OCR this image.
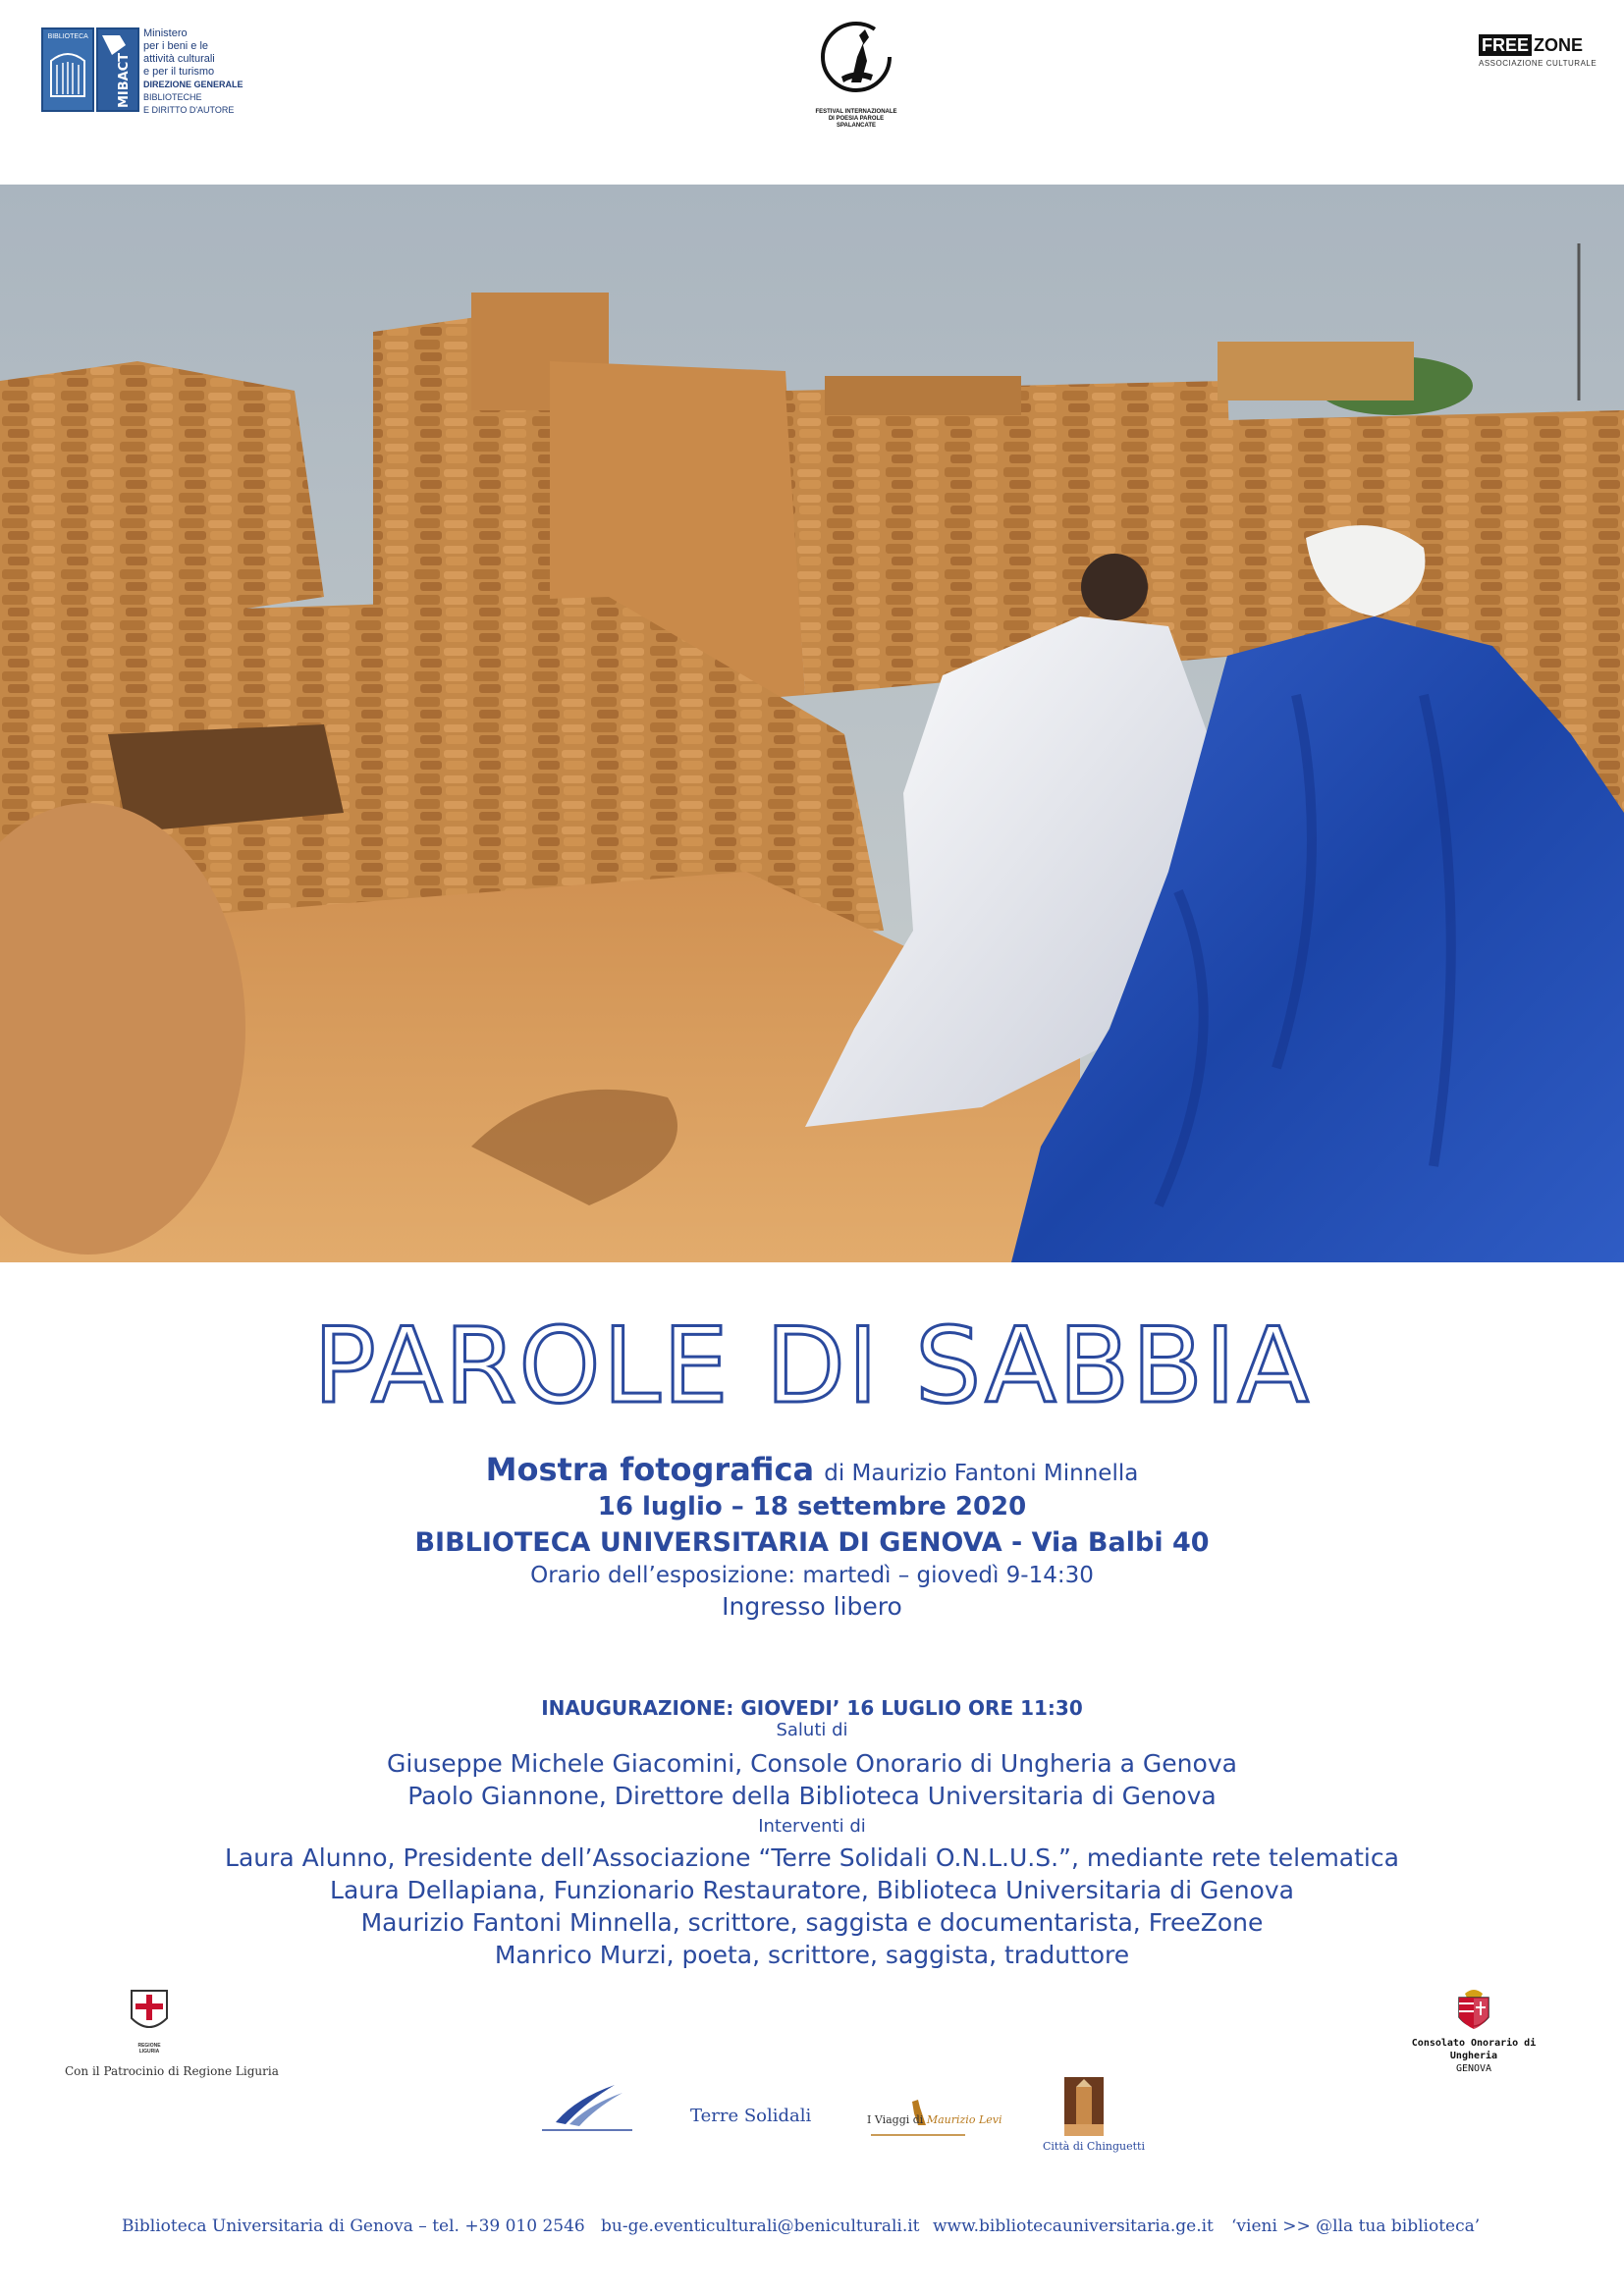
BIBLIOTECA
MIBACT
Ministero
per i beni e le
attività culturali
e per il turismo
DIREZIONE GENERALE
BIBLIOTECHE
E DIRITTO D'AUTORE	FESTIVAL INTERNAZIONALE DI POESIA PAROLE SPALANCATE
FREE ZONE
ASSOCIAZIONE CULTURALE
PAROLE DI SABBIA
Mostra fotografica di Maurizio Fantoni Minnella
16 luglio – 18 settembre 2020
BIBLIOTECA UNIVERSITARIA DI GENOVA - Via Balbi 40
Orario dell’esposizione: martedì – giovedì 9-14:30
Ingresso libero
INAUGURAZIONE: GIOVEDI’ 16 LUGLIO ORE 11:30
Saluti di
Giuseppe Michele Giacomini, Console Onorario di Ungheria a Genova
Paolo Giannone, Direttore della Biblioteca Universitaria di Genova
Interventi di
Laura Alunno, Presidente dell’Associazione “Terre Solidali O.N.L.U.S.”, mediante rete telematica
Laura Dellapiana, Funzionario Restauratore, Biblioteca Universitaria di Genova
Maurizio Fantoni Minnella, scrittore, saggista e documentarista, FreeZone
Manrico Murzi, poeta, scrittore, saggista, traduttore
REGIONE LIGURIA
Con il Patrocinio di Regione Liguria
Consolato Onorario di Ungheria
GENOVA
Terre Solidali	I Viaggi di Maurizio Levi
Città di Chinguetti
Biblioteca Universitaria di Genova – tel. +39 010 2546 bu-ge.eventiculturali@beniculturali.it www.bibliotecauniversitaria.ge.it ‘vieni >> @lla tua biblioteca’
